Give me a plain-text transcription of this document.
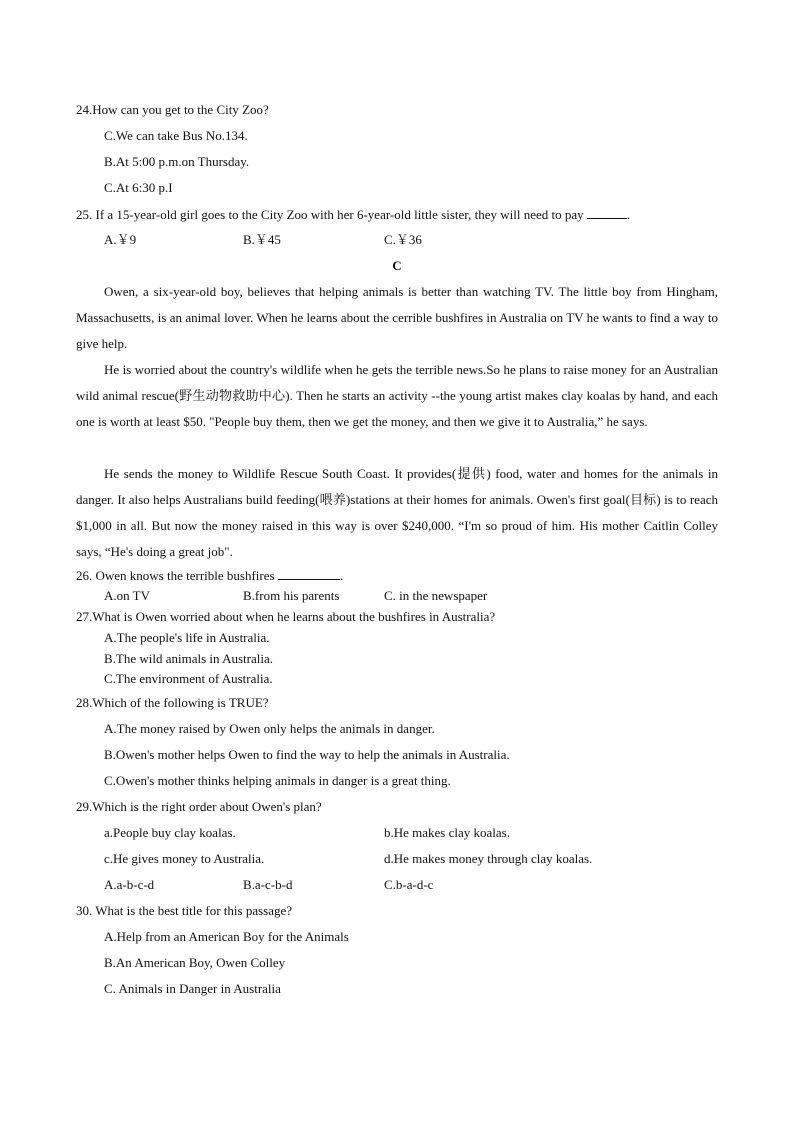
24.How can you get to the City Zoo?
C.We can take Bus No.134.
B.At 5:00 p.m.on Thursday.
C.At 6:30 p.I
25. If a 15-year-old girl goes to the City Zoo with her 6-year-old little sister, they will need to pay	.
A.￥9	B.￥45	C.￥36
C
Owen, a six-year-old boy, believes that helping animals is better than watching TV. The little boy from Hingham, Massachusetts, is an animal lover. When he learns about the cerrible bushfires in Australia on TV he wants to find a way to give help.
He is worried about the country's wildlife when he gets the terrible news.So he plans to raise money for an Australian wild animal rescue(野生动物救助中心). Then he starts an activity --the young artist makes clay koalas by hand, and each one is worth at least $50. "People buy them, then we get the money, and then we give it to Australia,” he says.
He sends the money to Wildlife Rescue South Coast. It provides(提供) food, water and homes for the animals in danger. It also helps Australians build feeding(喂养)stations at their homes for animals. Owen's first goal(目标) is to reach $1,000 in all. But now the money raised in this way is over $240,000. “I'm so proud of him. His mother Caitlin Colley says, “He's doing a great job".
26. Owen knows the terrible bushfires	.
A.on TV	B.from his parents	C. in the newspaper
27.What is Owen worried about when he learns about the bushfires in Australia?
A.The people's life in Australia.
B.The wild animals in Australia.
C.The environment of Australia.
28.Which of the following is TRUE?
A.The money raised by Owen only helps the animals in danger.
B.Owen's mother helps Owen to find the way to help the animals in Australia.
C.Owen's mother thinks helping animals in danger is a great thing.
29.Which is the right order about Owen's plan?
a.People buy clay koalas.	b.He makes clay koalas.
c.He gives money to Australia.	d.He makes money through clay koalas.
A.a-b-c-d	B.a-c-b-d	C.b-a-d-c
30. What is the best title for this passage?
A.Help from an American Boy for the Animals
B.An American Boy, Owen Colley
C. Animals in Danger in Australia
